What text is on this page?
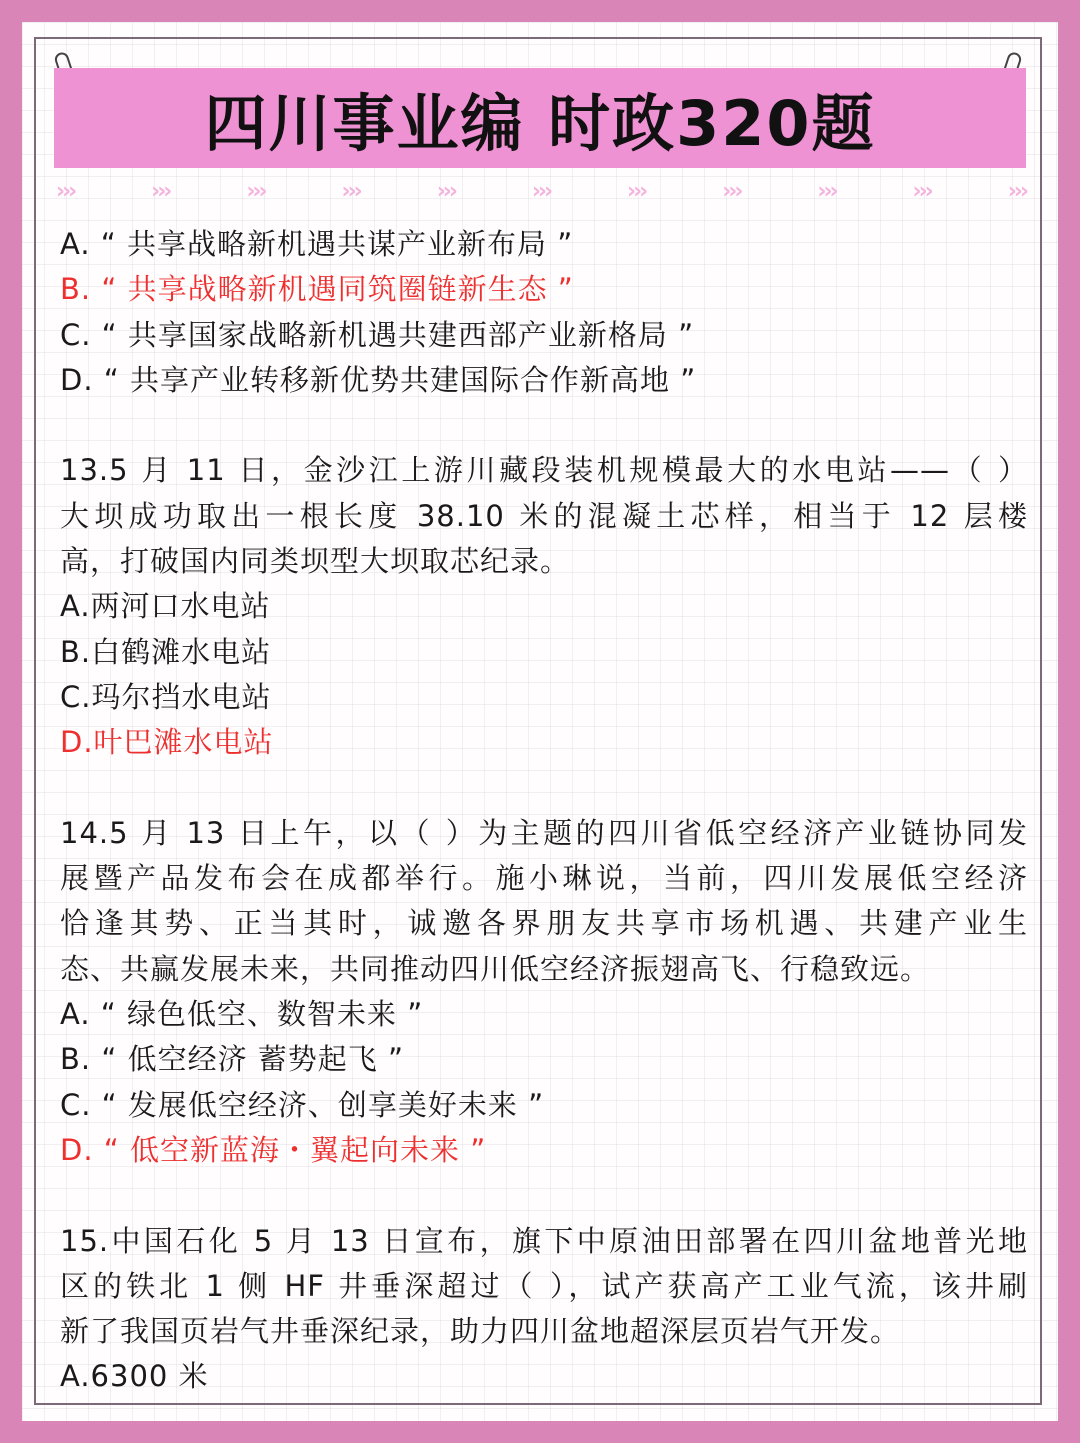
四川事业编 时政320题
›››	›››	›››	›››	›››	›››	›››	›››	›››	›››	›››
A. “ 共享战略新机遇共谋产业新布局 ”
B. “ 共享战略新机遇同筑圈链新生态 ”
C. “ 共享国家战略新机遇共建西部产业新格局 ”
D. “ 共享产业转移新优势共建国际合作新高地 ”
13.5 月 11 日，金沙江上游川藏段装机规模最大的水电站——（ ）
大坝成功取出一根长度 38.10 米的混凝土芯样，相当于 12 层楼
高，打破国内同类坝型大坝取芯纪录。
A.两河口水电站
B.白鹤滩水电站
C.玛尔挡水电站
D.叶巴滩水电站
14.5 月 13 日上午，以（ ）为主题的四川省低空经济产业链协同发
展暨产品发布会在成都举行。施小琳说，当前，四川发展低空经济
恰逢其势、正当其时，诚邀各界朋友共享市场机遇、共建产业生
态、共赢发展未来，共同推动四川低空经济振翅高飞、行稳致远。
A. “ 绿色低空、数智未来 ”
B. “ 低空经济 蓄势起飞 ”
C. “ 发展低空经济、创享美好未来 ”
D. “ 低空新蓝海・翼起向未来 ”
15.中国石化 5 月 13 日宣布，旗下中原油田部署在四川盆地普光地
区的铁北 1 侧 HF 井垂深超过（ ），试产获高产工业气流，该井刷
新了我国页岩气井垂深纪录，助力四川盆地超深层页岩气开发。
A.6300 米
